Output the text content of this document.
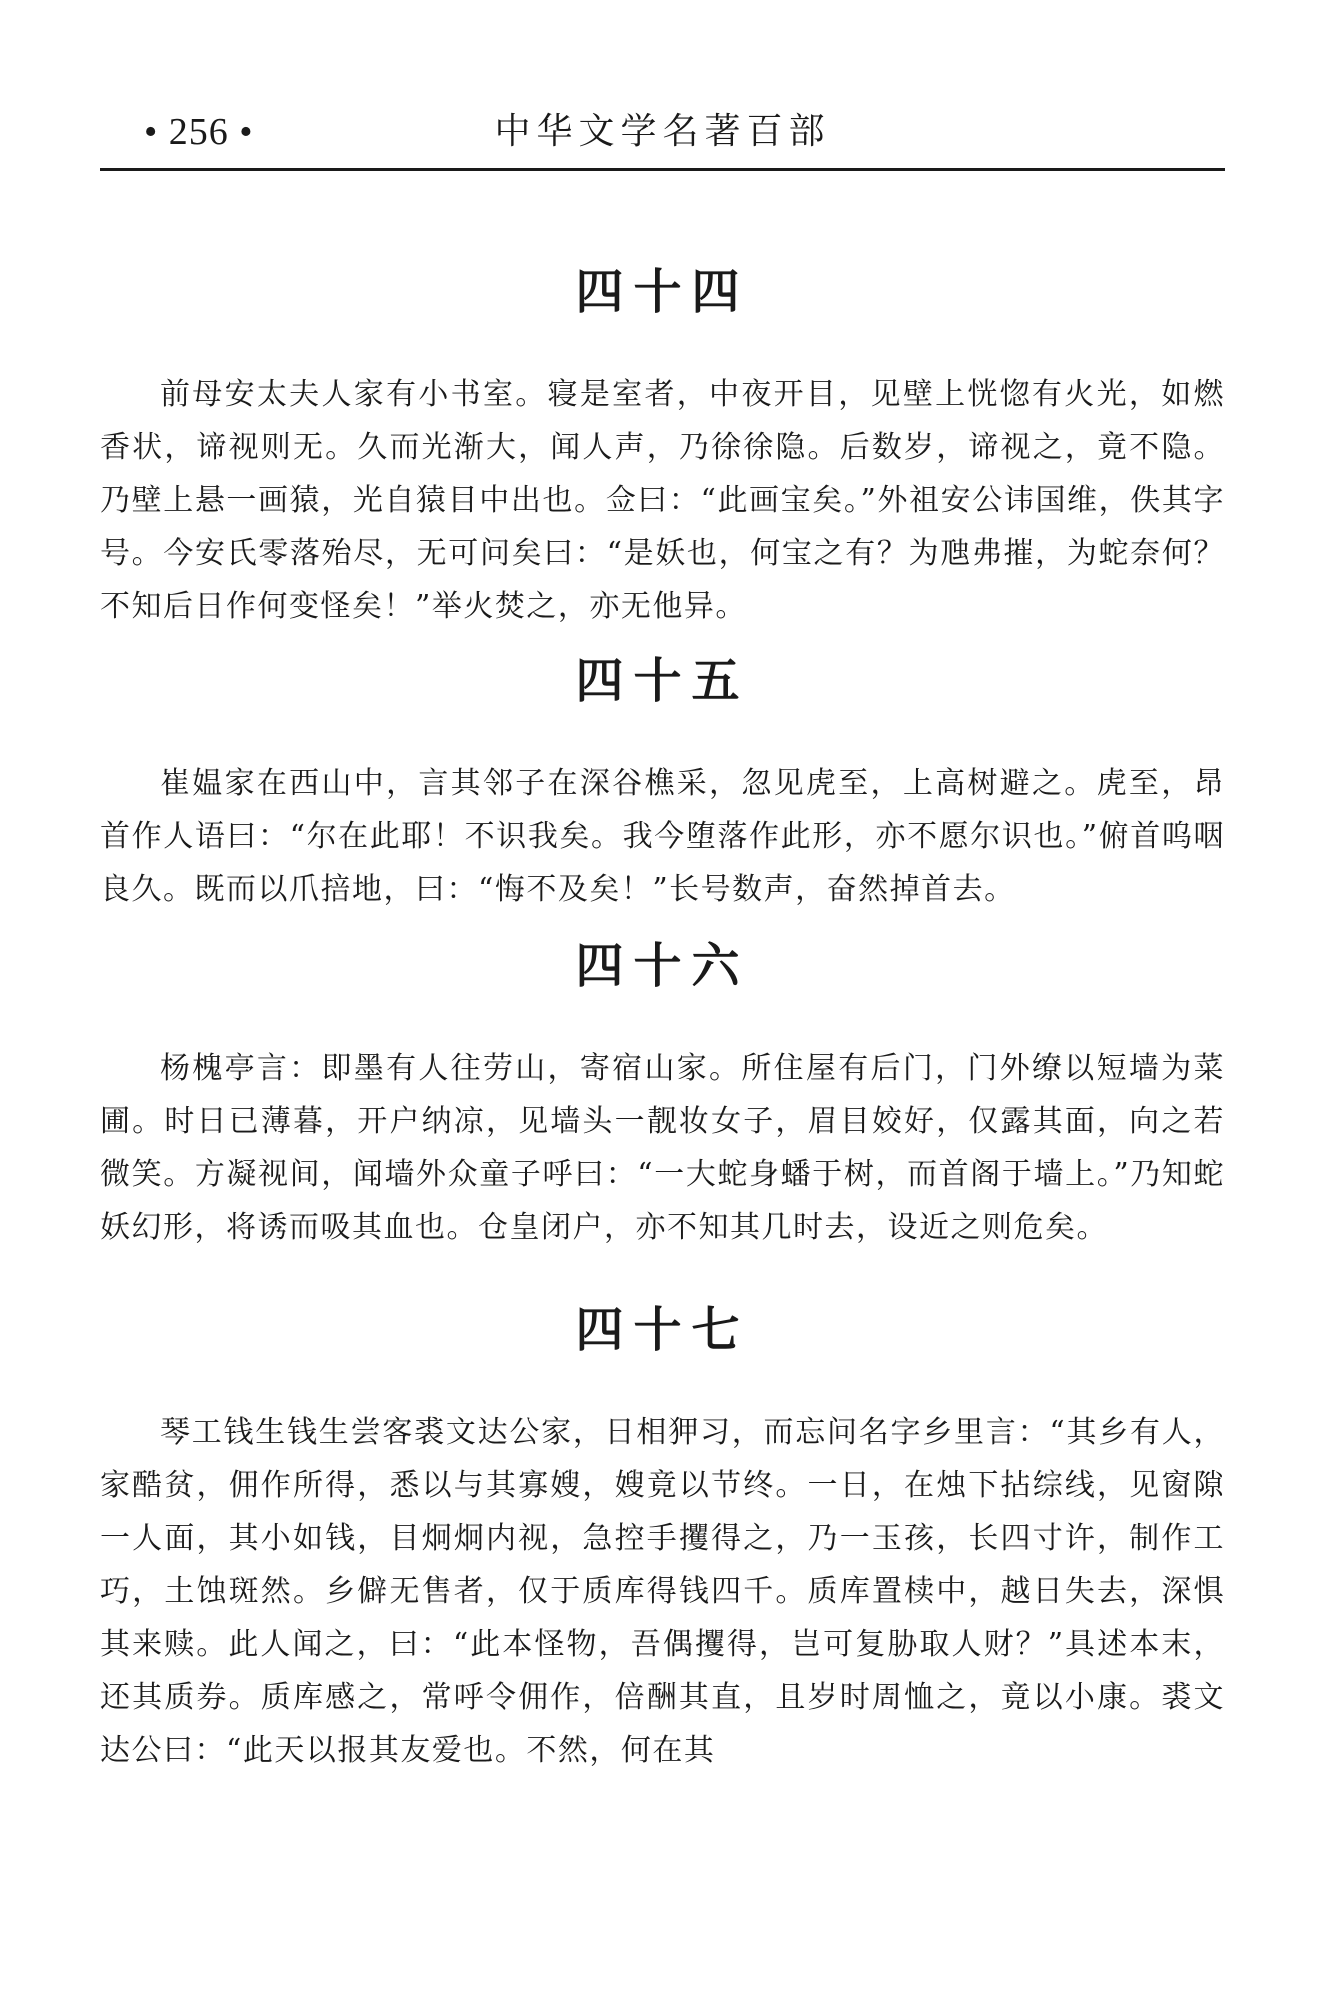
• 256 •	中华文学名著百部
四十四

前母安太夫人家有小书室。寝是室者，中夜开目，见壁上恍惚有火光，如燃香状，谛视则无。久而光渐大，闻人声，乃徐徐隐。后数岁，谛视之，竟不隐。乃壁上悬一画猿，光自猿目中出也。佥曰：“此画宝矣。”外祖安公讳国维，佚其字号。今安氏零落殆尽，无可问矣曰：“是妖也，何宝之有？为虺弗摧，为蛇奈何？不知后日作何变怪矣！”举火焚之，亦无他异。

四十五

崔媪家在西山中，言其邻子在深谷樵采，忽见虎至，上高树避之。虎至，昂首作人语曰：“尔在此耶！不识我矣。我今堕落作此形，亦不愿尔识也。”俯首呜咽良久。既而以爪掊地，曰：“悔不及矣！”长号数声，奋然掉首去。

四十六

杨槐亭言：即墨有人往劳山，寄宿山家。所住屋有后门，门外缭以短墙为菜圃。时日已薄暮，开户纳凉，见墙头一靓妆女子，眉目姣好，仅露其面，向之若微笑。方凝视间，闻墙外众童子呼曰：“一大蛇身蟠于树，而首阁于墙上。”乃知蛇妖幻形，将诱而吸其血也。仓皇闭户，亦不知其几时去，设近之则危矣。

四十七

琴工钱生钱生尝客裘文达公家，日相狎习，而忘问名字乡里言：“其乡有人，家酷贫，佣作所得，悉以与其寡嫂，嫂竟以节终。一日，在烛下拈综线，见窗隙一人面，其小如钱，目炯炯内视，急控手攫得之，乃一玉孩，长四寸许，制作工巧，土蚀斑然。乡僻无售者，仅于质库得钱四千。质库置椟中，越日失去，深惧其来赎。此人闻之，曰：“此本怪物，吾偶攫得，岂可复胁取人财？”具述本末，还其质券。质库感之，常呼令佣作，倍酬其直，且岁时周恤之，竟以小康。裘文达公曰：“此天以报其友爱也。不然，何在其
